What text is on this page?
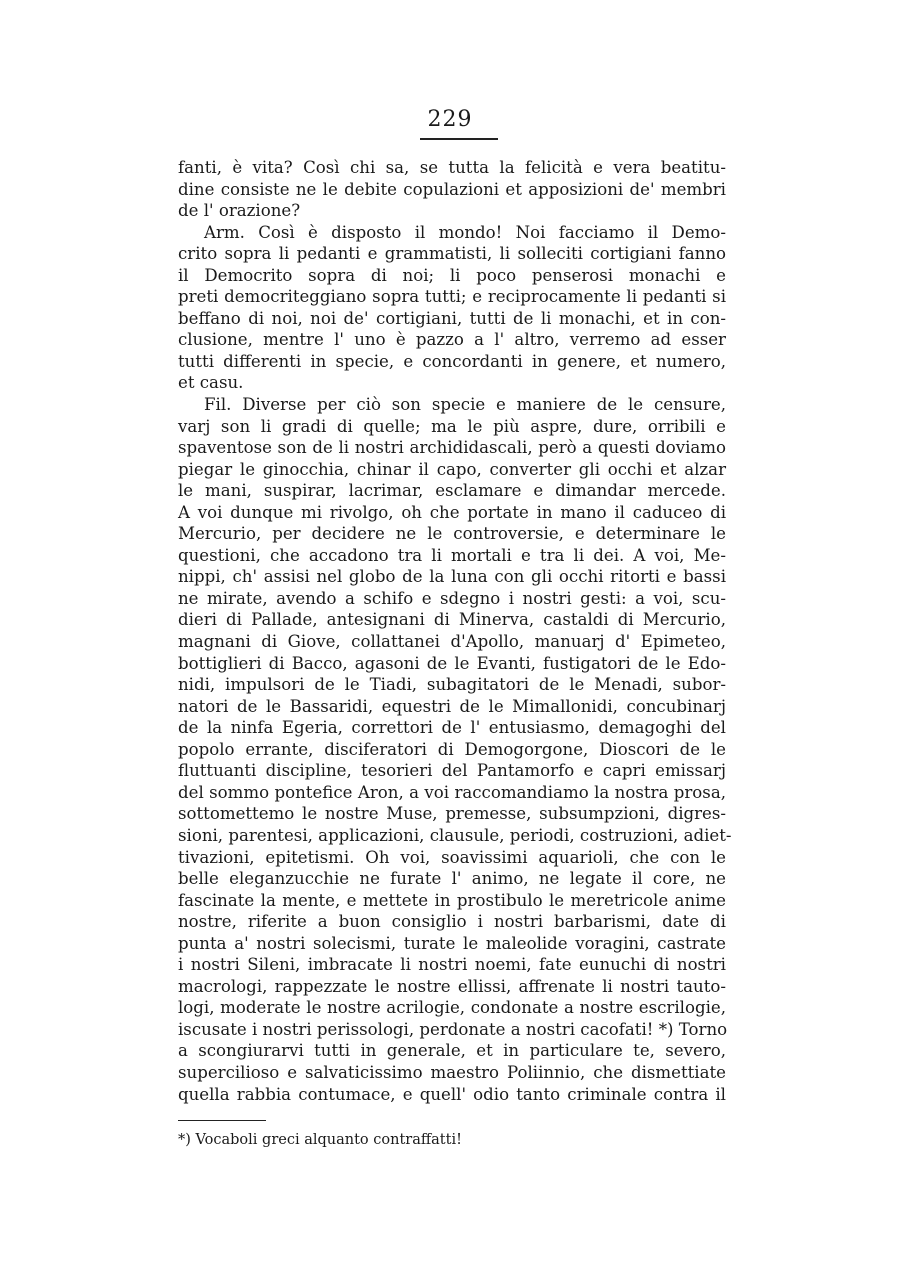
229
fanti, è vita? Così chi sa, se tutta la felicità e vera beatitu-
dine consiste ne le debite copulazioni et apposizioni de' membri
de l' orazione?
Arm. Così è disposto il mondo! Noi facciamo il Demo-
crito sopra li pedanti e grammatisti, li solleciti cortigiani fanno
il Democrito sopra di noi; li poco penserosi monachi e
preti democriteggiano sopra tutti; e reciprocamente li pedanti si
beffano di noi, noi de' cortigiani, tutti de li monachi, et in con-
clusione, mentre l' uno è pazzo a l' altro, verremo ad esser
tutti differenti in specie, e concordanti in genere, et numero,
et casu.
Fil. Diverse per ciò son specie e maniere de le censure,
varj son li gradi di quelle; ma le più aspre, dure, orribili e
spaventose son de li nostri archididascali, però a questi doviamo
piegar le ginocchia, chinar il capo, converter gli occhi et alzar
le mani, suspirar, lacrimar, esclamare e dimandar mercede.
A voi dunque mi rivolgo, oh che portate in mano il caduceo di
Mercurio, per decidere ne le controversie, e determinare le
questioni, che accadono tra li mortali e tra li dei. A voi, Me-
nippi, ch' assisi nel globo de la luna con gli occhi ritorti e bassi
ne mirate, avendo a schifo e sdegno i nostri gesti: a voi, scu-
dieri di Pallade, antesignani di Minerva, castaldi di Mercurio,
magnani di Giove, collattanei d'Apollo, manuarj d' Epimeteo,
bottiglieri di Bacco, agasoni de le Evanti, fustigatori de le Edo-
nidi, impulsori de le Tiadi, subagitatori de le Menadi, subor-
natori de le Bassaridi, equestri de le Mimallonidi, concubinarj
de la ninfa Egeria, correttori de l' entusiasmo, demagoghi del
popolo errante, disciferatori di Demogorgone, Dioscori de le
fluttuanti discipline, tesorieri del Pantamorfo e capri emissarj
del sommo pontefice Aron, a voi raccomandiamo la nostra prosa,
sottomettemo le nostre Muse, premesse, subsumpzioni, digres-
sioni, parentesi, applicazioni, clausule, periodi, costruzioni, adiet-
tivazioni, epitetismi. Oh voi, soavissimi aquarioli, che con le
belle eleganzucchie ne furate l' animo, ne legate il core, ne
fascinate la mente, e mettete in prostibulo le meretricole anime
nostre, riferite a buon consiglio i nostri barbarismi, date di
punta a' nostri solecismi, turate le maleolide voragini, castrate
i nostri Sileni, imbracate li nostri noemi, fate eunuchi di nostri
macrologi, rappezzate le nostre ellissi, affrenate li nostri tauto-
logi, moderate le nostre acrilogie, condonate a nostre escrilogie,
iscusate i nostri perissologi, perdonate a nostri cacofati! *) Torno
a scongiurarvi tutti in generale, et in particulare te, severo,
supercilioso e salvaticissimo maestro Poliinnio, che dismettiate
quella rabbia contumace, e quell' odio tanto criminale contra il
*) Vocaboli greci alquanto contraffatti!
